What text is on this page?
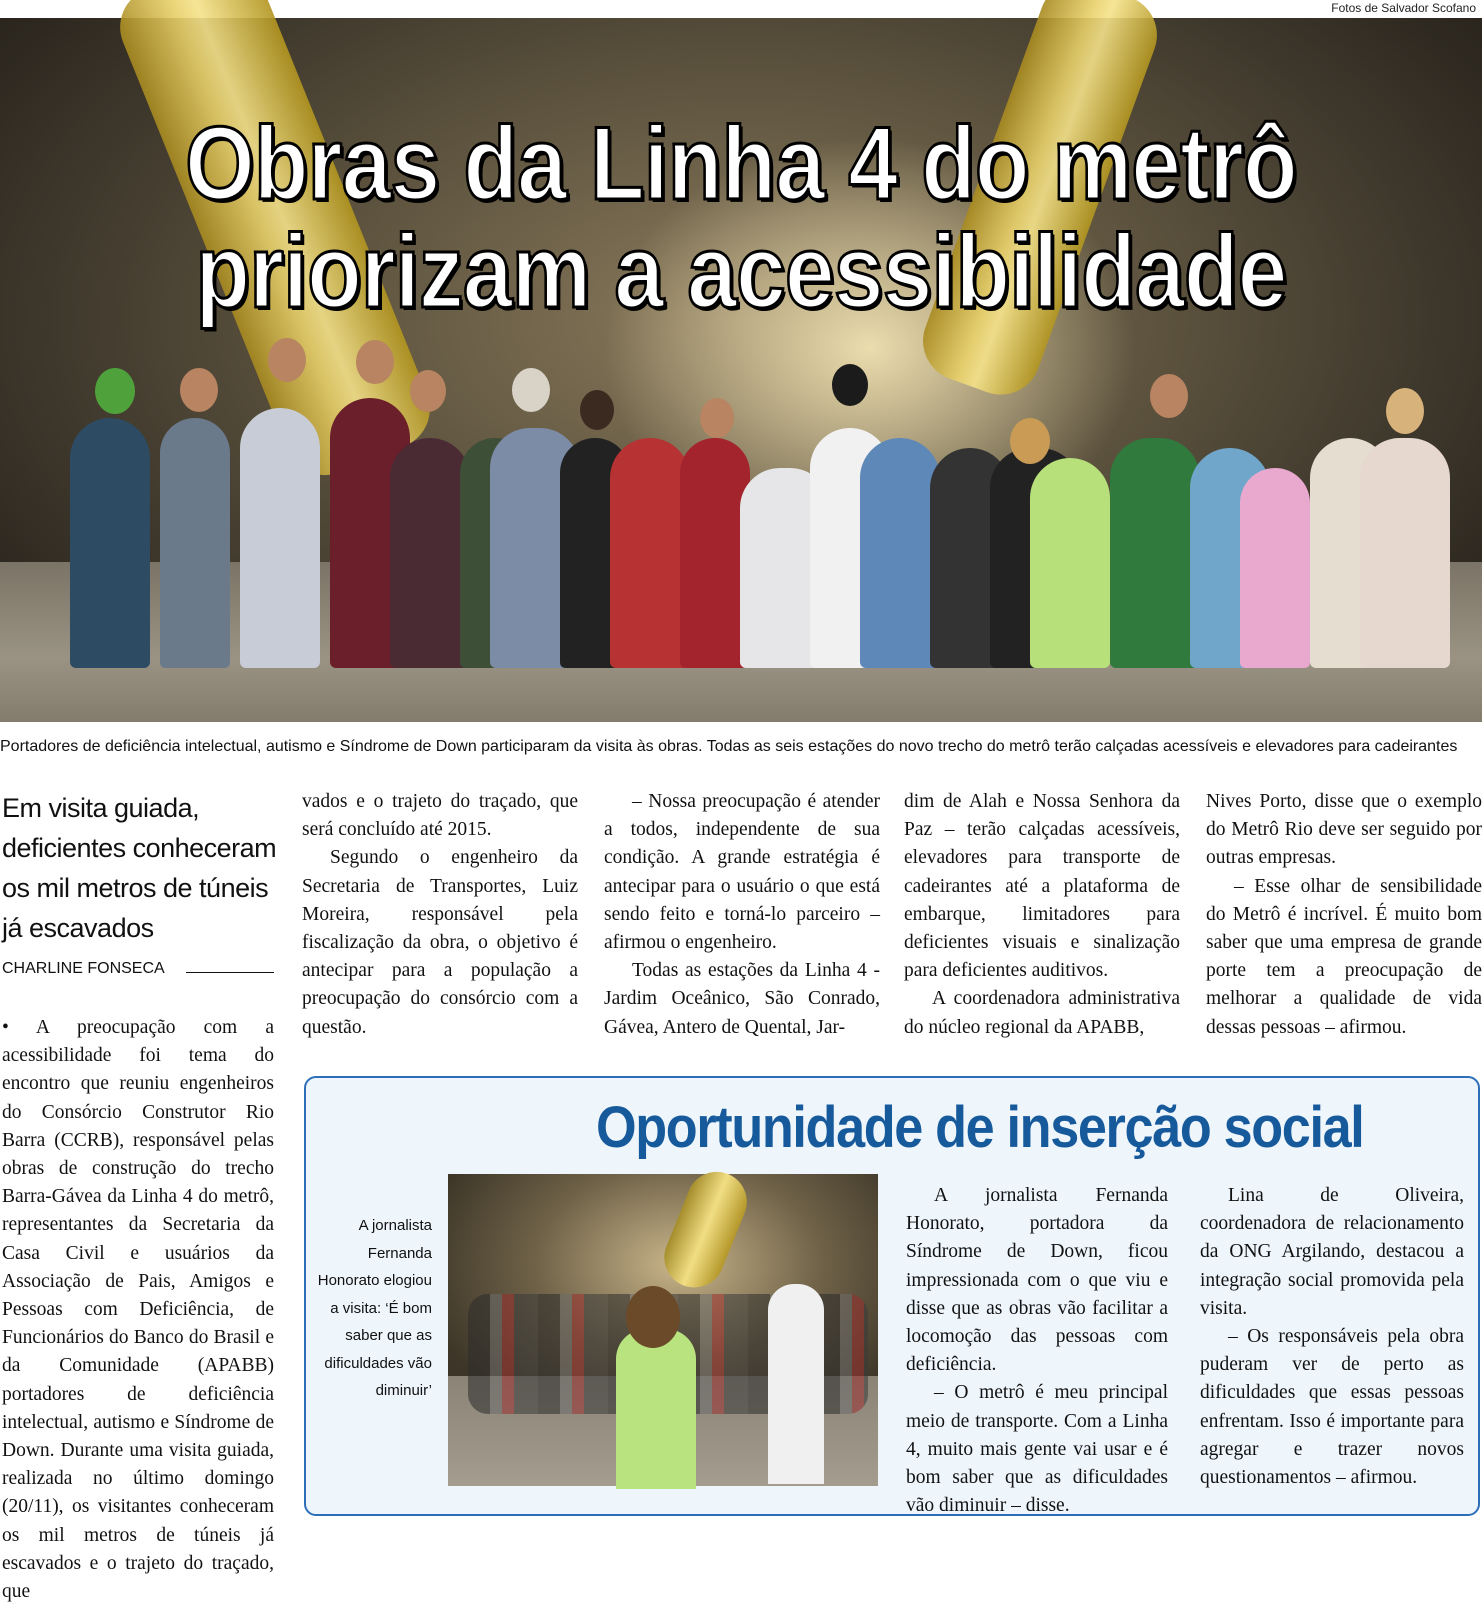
Fotos de Salvador Scofano
Obras da Linha 4 do metrô priorizam a acessibilidade
Portadores de deficiência intelectual, autismo e Síndrome de Down participaram da visita às obras. Todas as seis estações do novo trecho do metrô terão calçadas acessíveis e elevadores para cadeirantes
Em visita guiada, deficientes conheceram os mil metros de túneis já escavados
CHARLINE FONSECA

• A preocupação com a acessibilidade foi tema do encontro que reuniu engenheiros do Consórcio Construtor Rio Barra (CCRB), responsável pelas obras de construção do trecho Barra-Gávea da Linha 4 do metrô, representantes da Secretaria da Casa Civil e usuários da Associação de Pais, Amigos e Pessoas com Deficiência, de Funcionários do Banco do Brasil e da Comunidade (APABB) portadores de deficiência intelectual, autismo e Síndrome de Down. Durante uma visita guiada, realizada no último domingo (20/11), os visitantes conheceram os mil metros de túneis já escavados e o trajeto do traçado, que

vados e o trajeto do traçado, que será concluído até 2015.

Segundo o engenheiro da Secretaria de Transportes, Luiz Moreira, responsável pela fiscalização da obra, o objetivo é antecipar para a população a preocupação do consórcio com a questão.

– Nossa preocupação é atender a todos, independente de sua condição. A grande estratégia é antecipar para o usuário o que está sendo feito e torná-lo parceiro – afirmou o engenheiro.

Todas as estações da Linha 4 - Jardim Oceânico, São Conrado, Gávea, Antero de Quental, Jar-

dim de Alah e Nossa Senhora da Paz – terão calçadas acessíveis, elevadores para transporte de cadeirantes até a plataforma de embarque, limitadores para deficientes visuais e sinalização para deficientes auditivos.

A coordenadora administrativa do núcleo regional da APABB,

Nives Porto, disse que o exemplo do Metrô Rio deve ser seguido por outras empresas.

– Esse olhar de sensibilidade do Metrô é incrível. É muito bom saber que uma empresa de grande porte tem a preocupação de melhorar a qualidade de vida dessas pessoas – afirmou.

Oportunidade de inserção social
A jornalista Fernanda Honorato elogiou a visita: ‘É bom saber que as dificuldades vão diminuir’

A jornalista Fernanda Honorato, portadora da Síndrome de Down, ficou impressionada com o que viu e disse que as obras vão facilitar a locomoção das pessoas com deficiência.

– O metrô é meu principal meio de transporte. Com a Linha 4, muito mais gente vai usar e é bom saber que as dificuldades vão diminuir – disse.

Lina de Oliveira, coordenadora de relacionamento da ONG Argilando, destacou a integração social promovida pela visita.

– Os responsáveis pela obra puderam ver de perto as dificuldades que essas pessoas enfrentam. Isso é importante para agregar e trazer novos questionamentos – afirmou.
